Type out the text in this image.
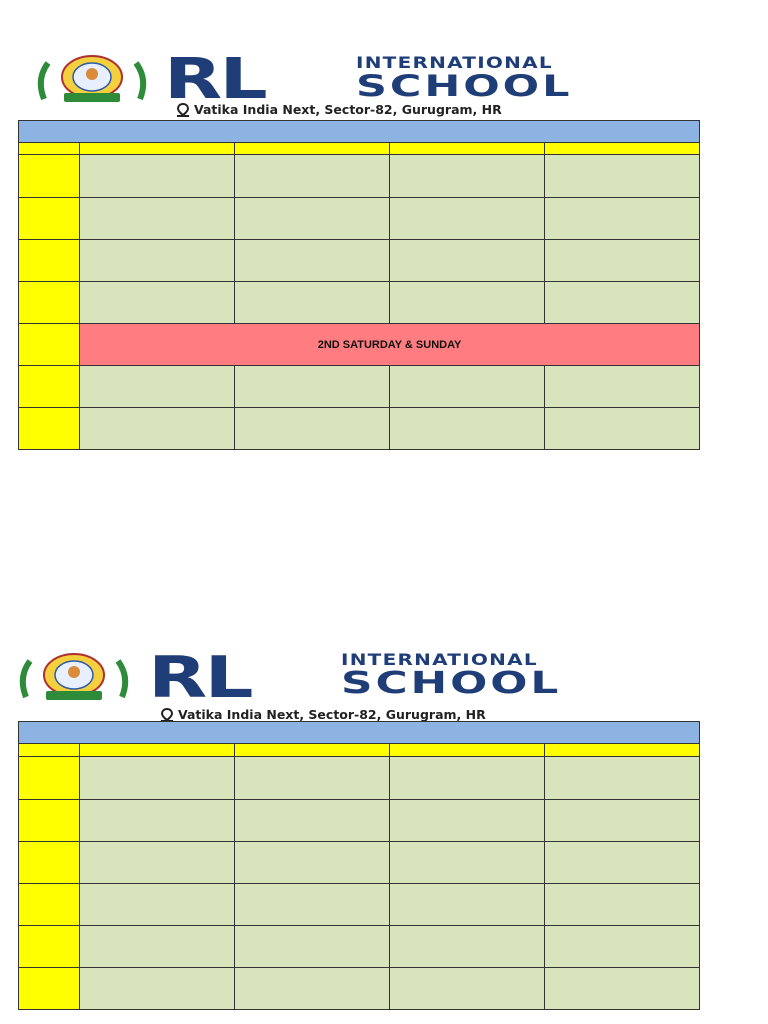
RL	INTERNATIONAL
SCHOOL
Vatika India Next, Sector-82, Gurugram, HR

	2ND SATURDAY & SUNDAY			

RL	INTERNATIONAL
SCHOOL
Vatika India Next, Sector-82, Gurugram, HR
